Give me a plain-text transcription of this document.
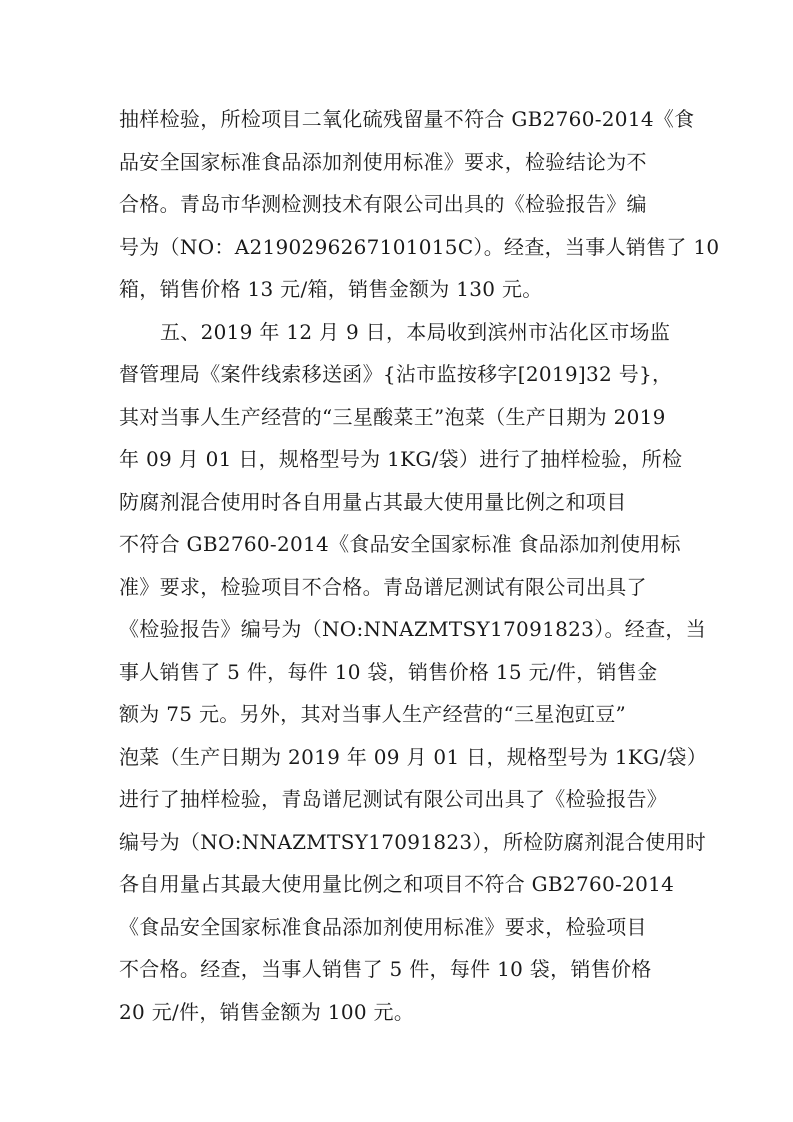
抽样检验，所检项目二氧化硫残留量不符合 GB2760-2014《食
品安全国家标准食品添加剂使用标准》要求，检验结论为不
合格。青岛市华测检测技术有限公司出具的《检验报告》编
号为（NO：A2190296267101015C）。经查，当事人销售了 10
箱，销售价格 13 元/箱，销售金额为 130 元。
五、2019 年 12 月 9 日，本局收到滨州市沾化区市场监
督管理局《案件线索移送函》{沾市监按移字[2019]32 号}，
其对当事人生产经营的“三星酸菜王”泡菜（生产日期为 2019
年 09 月 01 日，规格型号为 1KG/袋）进行了抽样检验，所检
防腐剂混合使用时各自用量占其最大使用量比例之和项目
不符合 GB2760-2014《食品安全国家标准 食品添加剂使用标
准》要求，检验项目不合格。青岛谱尼测试有限公司出具了
《检验报告》编号为（NO:NNAZMTSY17091823）。经查，当
事人销售了 5 件，每件 10 袋，销售价格 15 元/件，销售金
额为 75 元。另外，其对当事人生产经营的“三星泡豇豆”
泡菜（生产日期为 2019 年 09 月 01 日，规格型号为 1KG/袋）
进行了抽样检验，青岛谱尼测试有限公司出具了《检验报告》
编号为（NO:NNAZMTSY17091823），所检防腐剂混合使用时
各自用量占其最大使用量比例之和项目不符合 GB2760-2014
《食品安全国家标准食品添加剂使用标准》要求，检验项目
不合格。经查，当事人销售了 5 件，每件 10 袋，销售价格
20 元/件，销售金额为 100 元。
